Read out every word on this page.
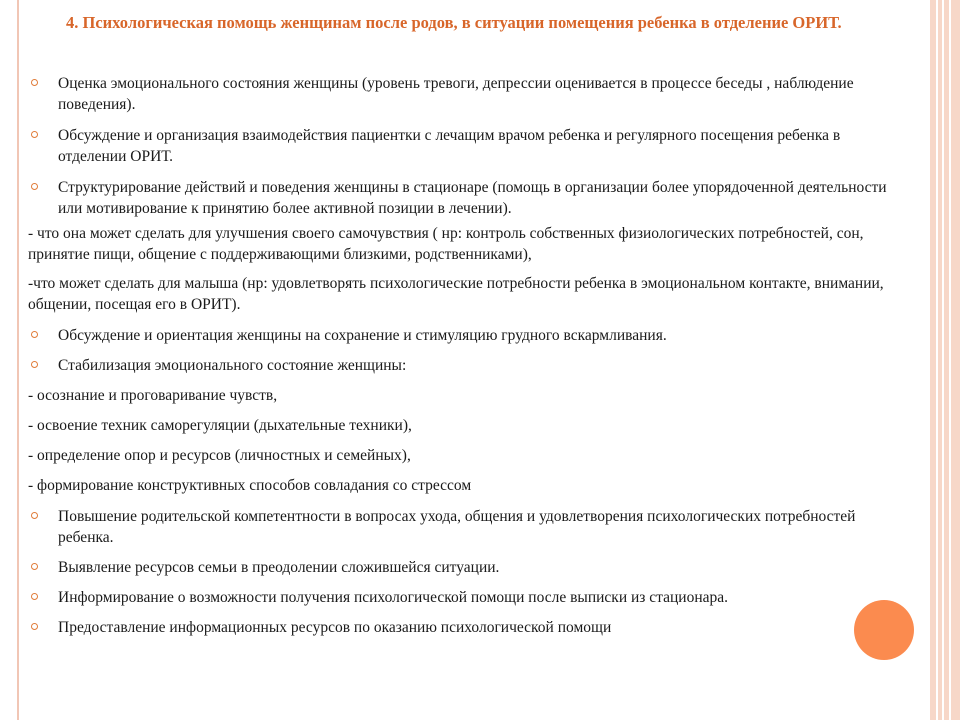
4. Психологическая помощь женщинам после родов, в ситуации помещения ребенка в отделение ОРИТ.

Оценка эмоционального состояния женщины (уровень тревоги, депрессии оценивается в процессе беседы , наблюдение поведения).

Обсуждение и организация взаимодействия пациентки с лечащим врачом ребенка и регулярного посещения ребенка в отделении ОРИТ.

Структурирование действий и поведения женщины в стационаре (помощь в организации более упорядоченной деятельности или мотивирование к принятию более активной позиции в лечении).

- что она может сделать для улучшения своего самочувствия ( нр: контроль собственных физиологических потребностей, сон, принятие пищи, общение с поддерживающими близкими, родственниками),

-что может сделать для малыша (нр: удовлетворять психологические потребности ребенка в эмоциональном контакте, внимании, общении, посещая его в ОРИТ).

Обсуждение и ориентация женщины на сохранение и стимуляцию грудного вскармливания.

Стабилизация эмоционального состояние женщины:

- осознание и проговаривание чувств,

- освоение техник саморегуляции (дыхательные техники),

- определение опор и ресурсов (личностных и семейных),

- формирование конструктивных способов совладания со стрессом

Повышение родительской компетентности в вопросах ухода, общения и удовлетворения психологических потребностей ребенка.

Выявление ресурсов семьи в преодолении сложившейся ситуации.

Информирование о возможности получения психологической помощи после выписки из стационара.

Предоставление информационных ресурсов по оказанию психологической помощи
